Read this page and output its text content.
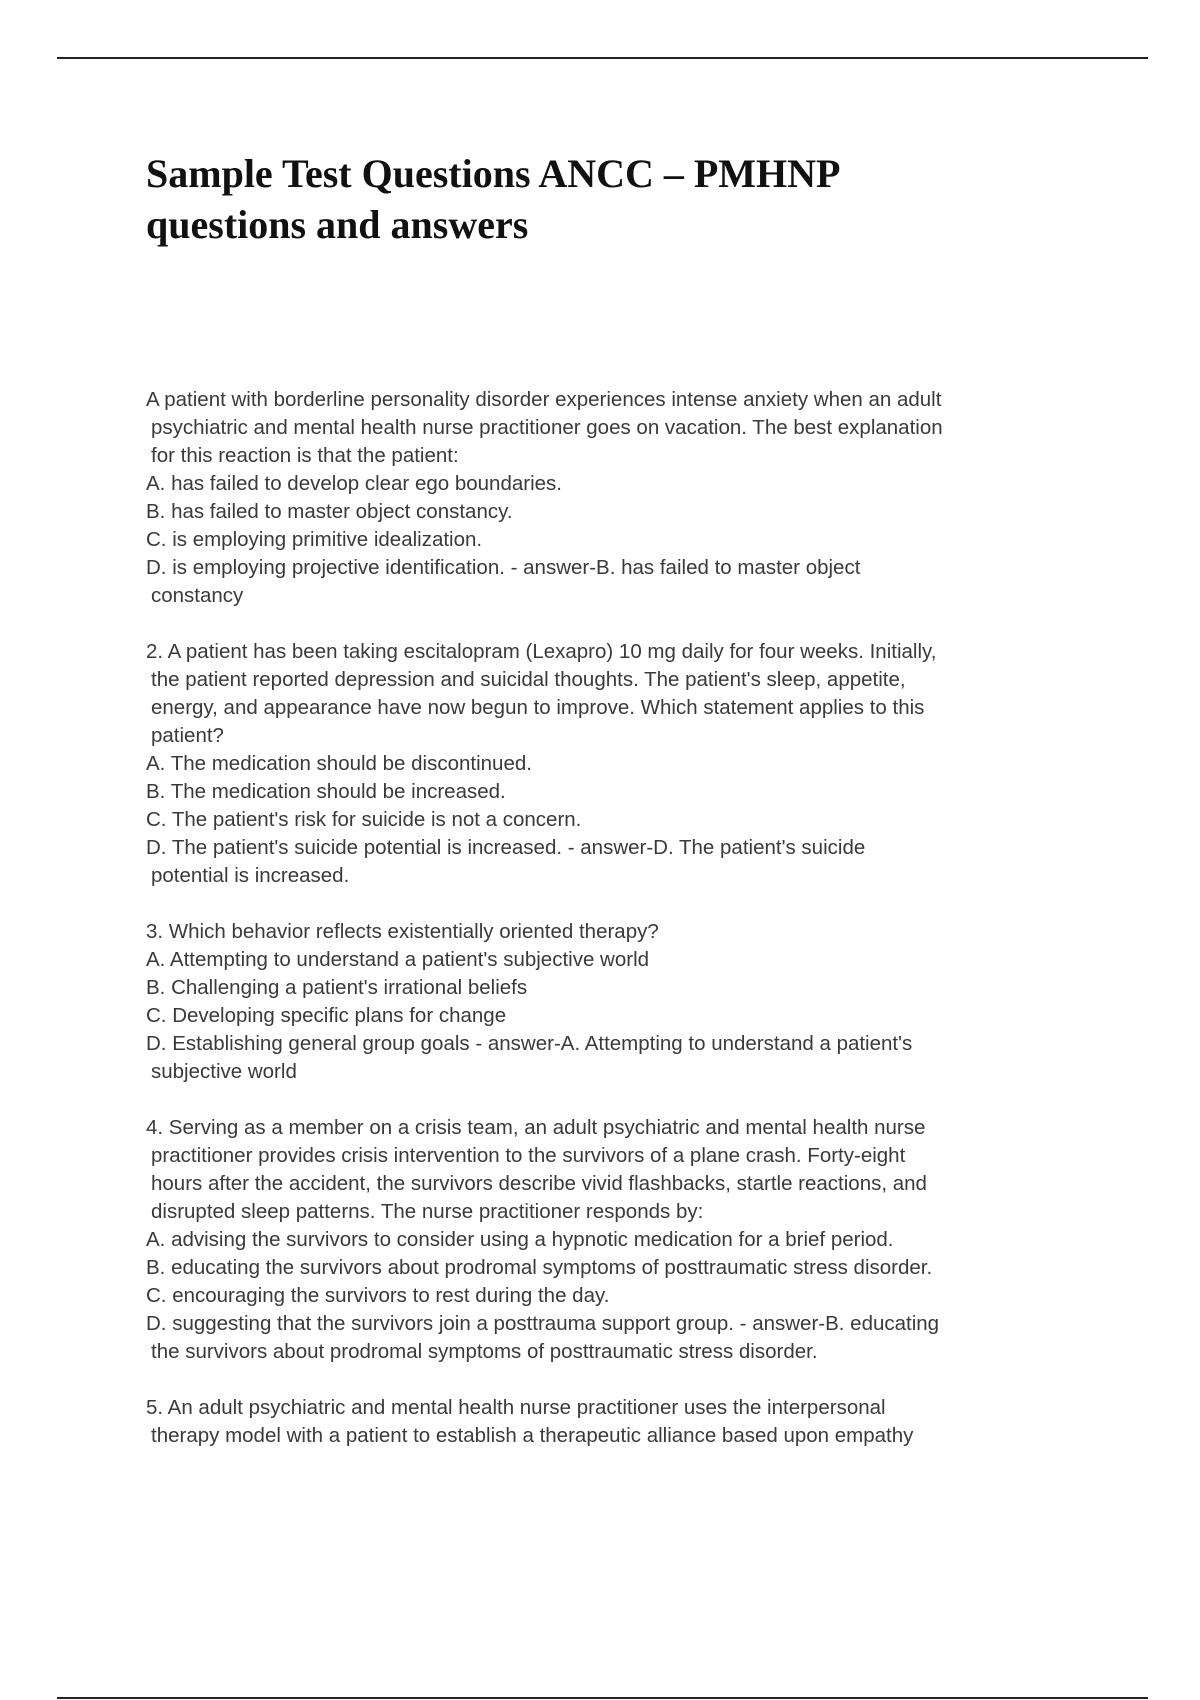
Sample Test Questions ANCC – PMHNP
questions and answers
A patient with borderline personality disorder experiences intense anxiety when an adult
psychiatric and mental health nurse practitioner goes on vacation. The best explanation
for this reaction is that the patient:
A. has failed to develop clear ego boundaries.
B. has failed to master object constancy.
C. is employing primitive idealization.
D. is employing projective identification. - answer-B. has failed to master object
constancy
2. A patient has been taking escitalopram (Lexapro) 10 mg daily for four weeks. Initially,
the patient reported depression and suicidal thoughts. The patient's sleep, appetite,
energy, and appearance have now begun to improve. Which statement applies to this
patient?
A. The medication should be discontinued.
B. The medication should be increased.
C. The patient's risk for suicide is not a concern.
D. The patient's suicide potential is increased. - answer-D. The patient's suicide
potential is increased.
3. Which behavior reflects existentially oriented therapy?
A. Attempting to understand a patient's subjective world
B. Challenging a patient's irrational beliefs
C. Developing specific plans for change
D. Establishing general group goals - answer-A. Attempting to understand a patient's
subjective world
4. Serving as a member on a crisis team, an adult psychiatric and mental health nurse
practitioner provides crisis intervention to the survivors of a plane crash. Forty-eight
hours after the accident, the survivors describe vivid flashbacks, startle reactions, and
disrupted sleep patterns. The nurse practitioner responds by:
A. advising the survivors to consider using a hypnotic medication for a brief period.
B. educating the survivors about prodromal symptoms of posttraumatic stress disorder.
C. encouraging the survivors to rest during the day.
D. suggesting that the survivors join a posttrauma support group. - answer-B. educating
the survivors about prodromal symptoms of posttraumatic stress disorder.
5. An adult psychiatric and mental health nurse practitioner uses the interpersonal
therapy model with a patient to establish a therapeutic alliance based upon empathy
